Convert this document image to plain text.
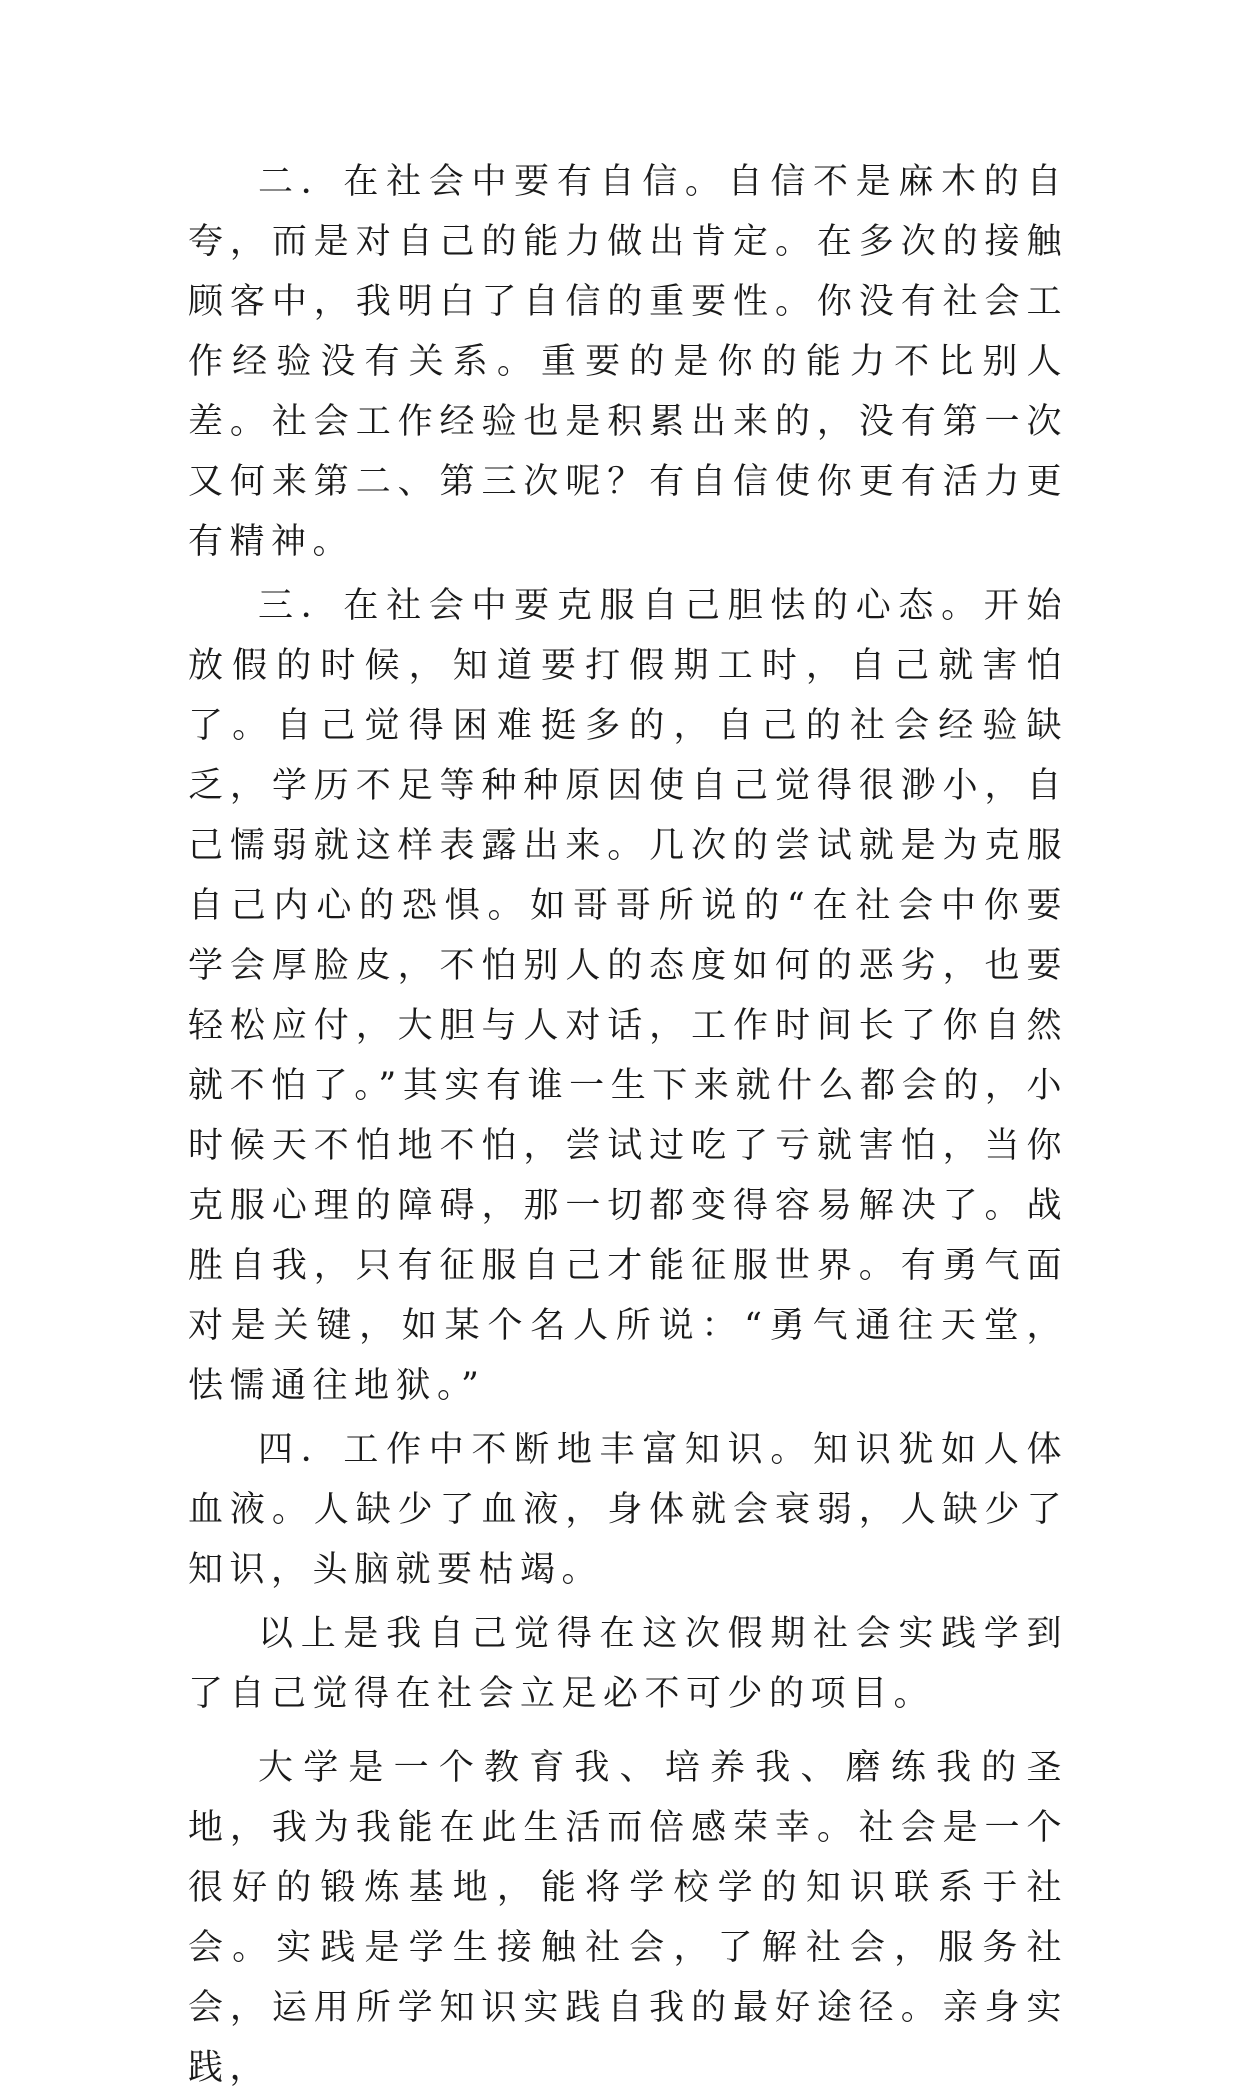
二．在社会中要有自信。自信不是麻木的自夸，而是对自己的能力做出肯定。在多次的接触顾客中，我明白了自信的重要性。你没有社会工作经验没有关系。重要的是你的能力不比别人差。社会工作经验也是积累出来的，没有第一次又何来第二、第三次呢？有自信使你更有活力更有精神。

三．在社会中要克服自己胆怯的心态。开始放假的时候，知道要打假期工时，自己就害怕了。自己觉得困难挺多的，自己的社会经验缺乏，学历不足等种种原因使自己觉得很渺小，自己懦弱就这样表露出来。几次的尝试就是为克服自己内心的恐惧。如哥哥所说的“在社会中你要学会厚脸皮，不怕别人的态度如何的恶劣，也要轻松应付，大胆与人对话，工作时间长了你自然就不怕了。”其实有谁一生下来就什么都会的，小时候天不怕地不怕，尝试过吃了亏就害怕，当你克服心理的障碍，那一切都变得容易解决了。战胜自我，只有征服自己才能征服世界。有勇气面对是关键，如某个名人所说：“勇气通往天堂，怯懦通往地狱。”

四．工作中不断地丰富知识。知识犹如人体血液。人缺少了血液，身体就会衰弱，人缺少了知识，头脑就要枯竭。

以上是我自己觉得在这次假期社会实践学到了自己觉得在社会立足必不可少的项目。

大学是一个教育我、培养我、磨练我的圣地，我为我能在此生活而倍感荣幸。社会是一个很好的锻炼基地，能将学校学的知识联系于社会。实践是学生接触社会，了解社会，服务社会，运用所学知识实践自我的最好途径。亲身实践，
